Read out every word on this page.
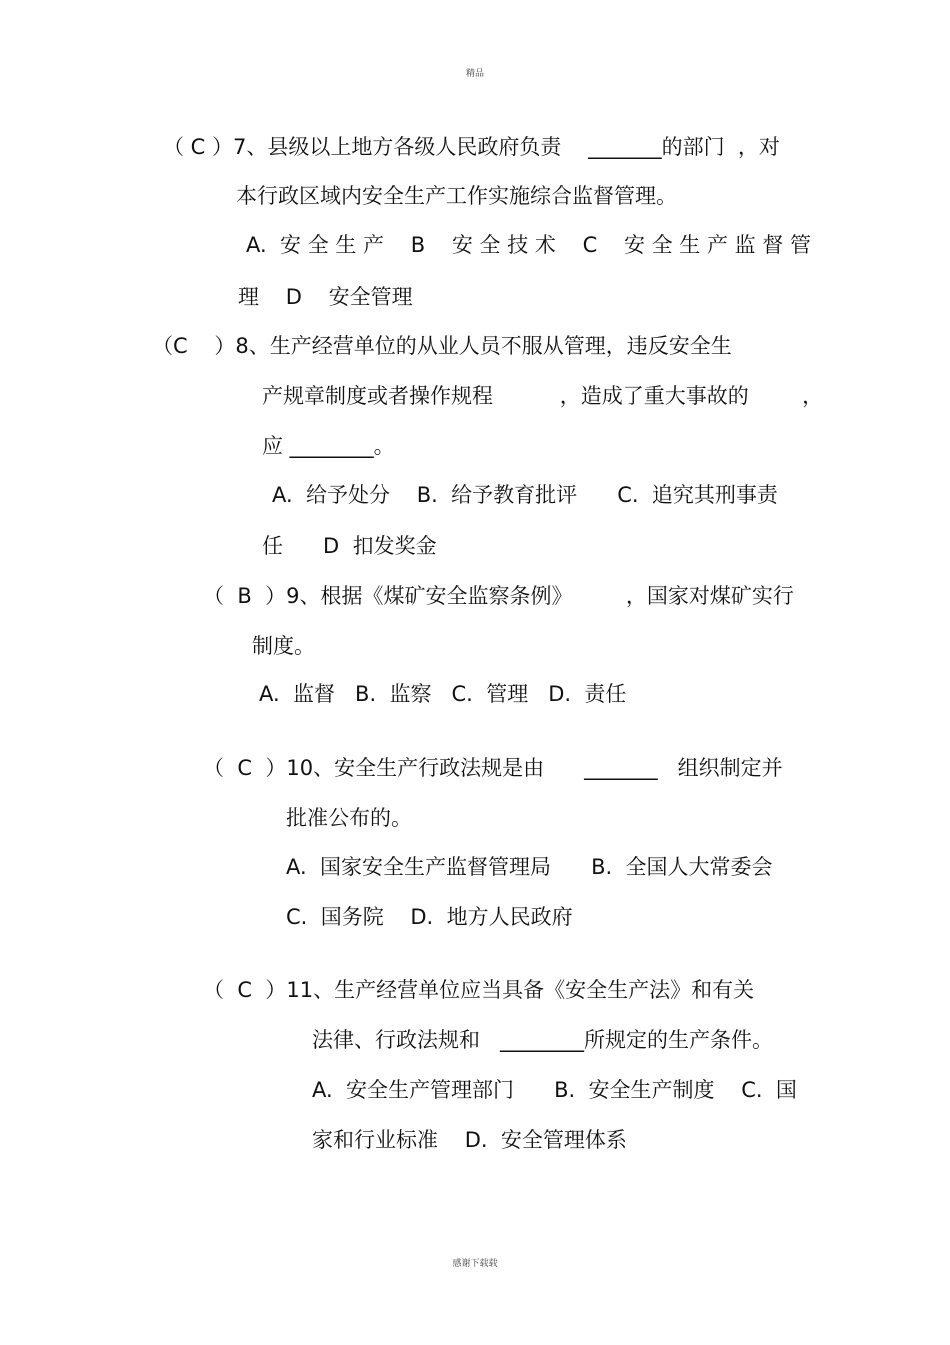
精品
（ C ）7、县级以上地方各级人民政府负责    _______的部门  ，对
本行政区域内安全生产工作实施综合监督管理。
A.  安 全 生 产    B    安 全 技 术    C    安 全 生 产 监 督 管
理    D    安全管理
（C    ）8、生产经营单位的从业人员不服从管理，违反安全生
产规章制度或者操作规程          ，造成了重大事故的        ，
应 ________。
A.  给予处分    B.  给予教育批评      C.  追究其刑事责
任      D  扣发奖金
（  B  ）9、根据《煤矿安全监察条例》        ，国家对煤矿实行
制度。
A.  监督   B.  监察   C.  管理   D.  责任
（  C  ）10、安全生产行政法规是由      _______   组织制定并
批准公布的。
A.  国家安全生产监督管理局      B.  全国人大常委会
C.  国务院    D.  地方人民政府
（  C  ）11、生产经营单位应当具备《安全生产法》和有关
法律、行政法规和   ________所规定的生产条件。
A.  安全生产管理部门      B.  安全生产制度    C.  国
家和行业标准    D.  安全管理体系
感谢下载载
